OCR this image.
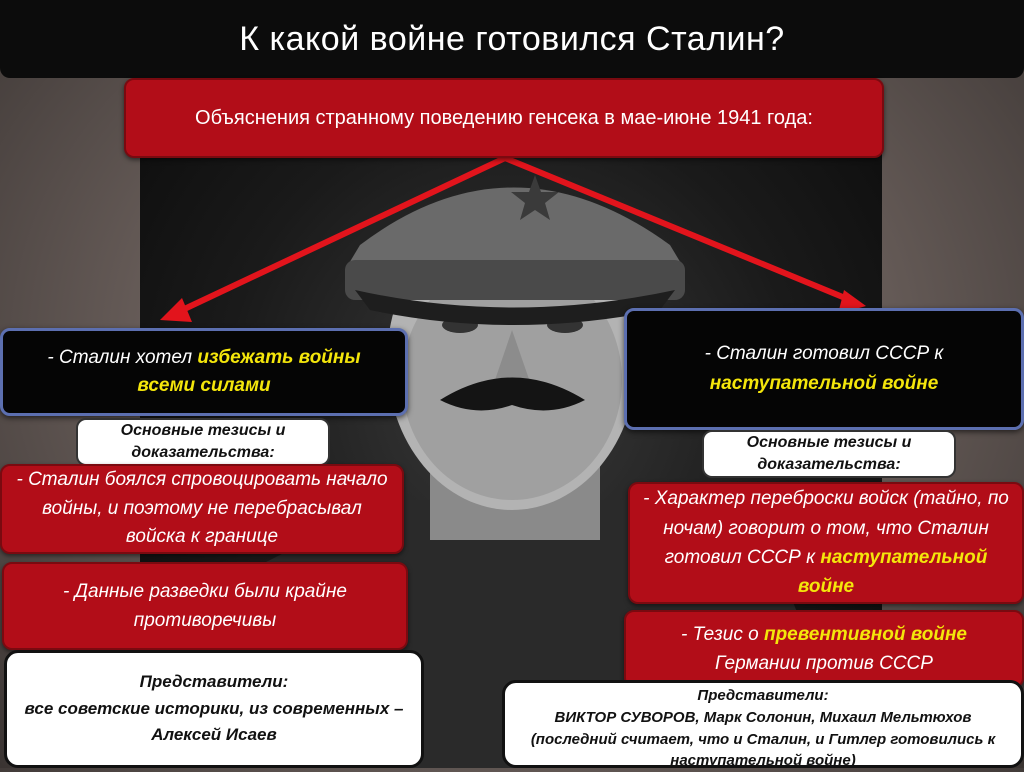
К какой войне готовился Сталин?
Объяснения странному поведению генсека в мае-июне 1941 года:
- Сталин хотел избежать войны всеми силами
Основные тезисы и доказательства:
- Сталин боялся спровоцировать начало войны, и поэтому не перебрасывал войска к границе
- Данные разведки были крайне противоречивы
Представители:
все советские историки, из современных – Алексей Исаев
- Сталин готовил СССР к наступательной войне
Основные тезисы и доказательства:
- Характер переброски войск (тайно, по ночам) говорит о том, что Сталин готовил СССР к наступательной войне
- Тезис о превентивной войне
Германии против СССР
Представители:
ВИКТОР СУВОРОВ, Марк Солонин, Михаил Мельтюхов
(последний считает, что и Сталин, и Гитлер готовились к наступательной войне)
